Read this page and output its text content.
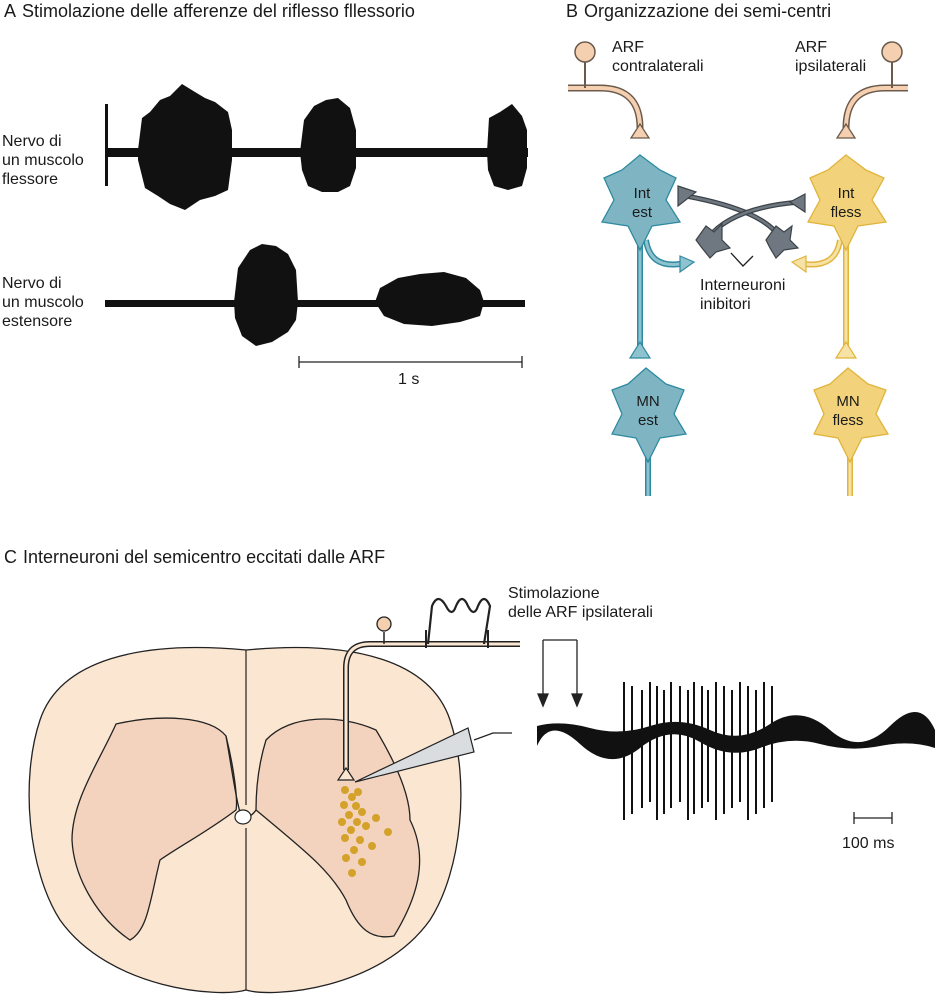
A Stimolazione delle afferenze del riflesso fllessorio
Nervo di
un muscolo
flessore
Nervo di
un muscolo
estensore
1 s
B Organizzazione dei semi-centri
ARF
contralaterali
ARF
ipsilaterali
Int
est
Int
fless
MN
est
MN
fless
Interneuroni
inibitori
C Interneuroni del semicentro eccitati dalle ARF
Stimolazione
delle ARF ipsilaterali
100 ms
